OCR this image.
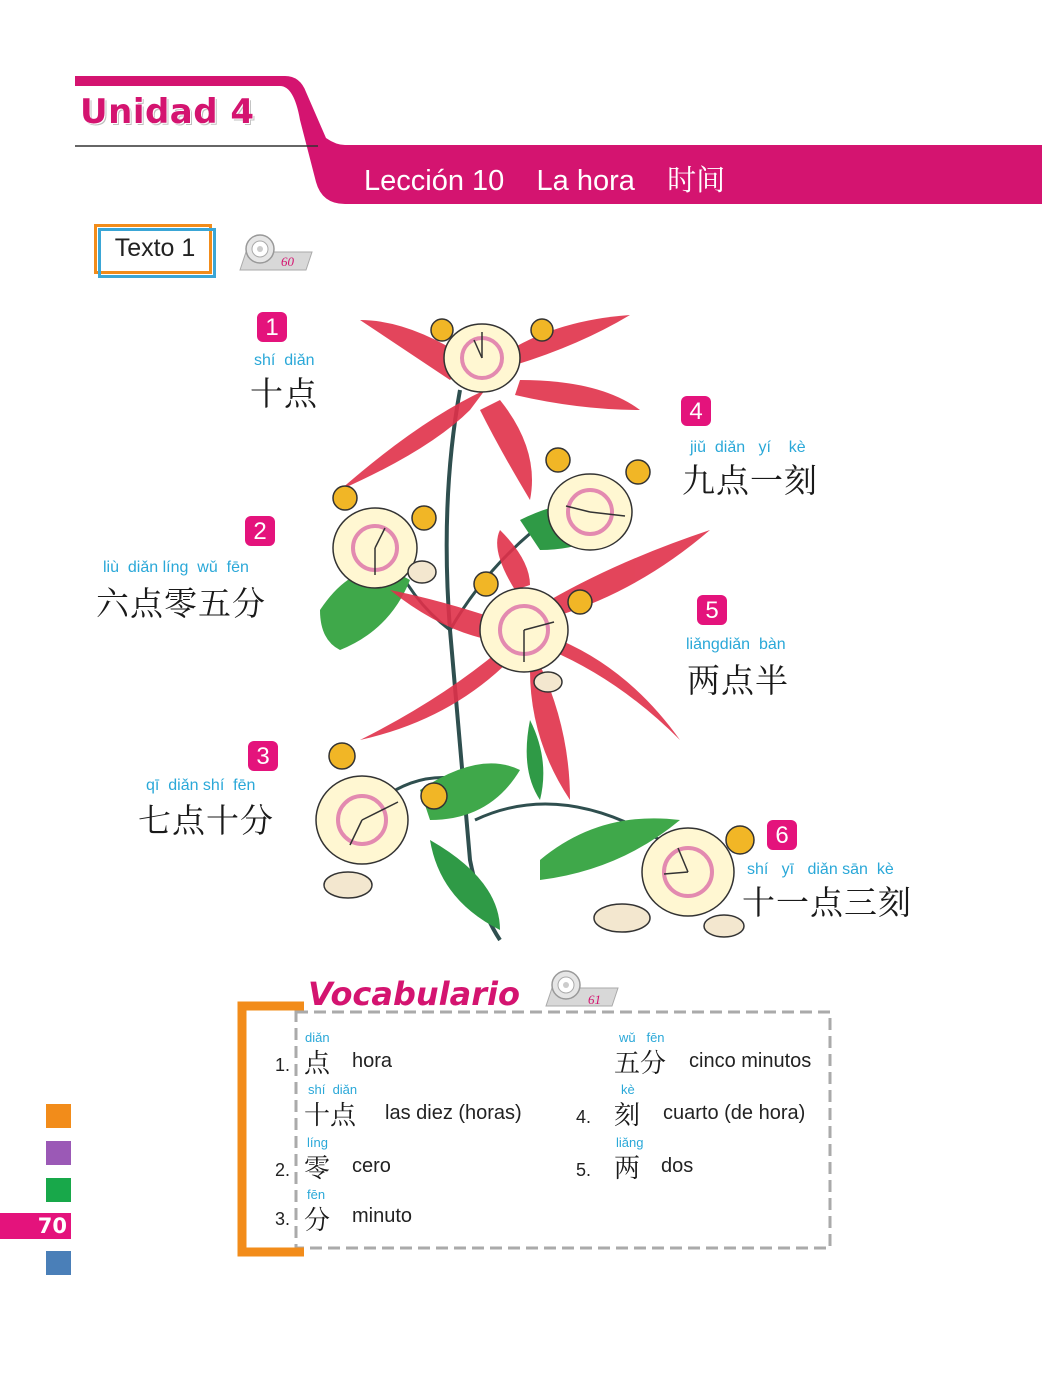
Unidad 4
Lección 10    La hora    时间
Texto 1	60
1
shí  diǎn
十点
2
liù  diǎn líng  wǔ  fēn
六点零五分
3
qī  diǎn shí  fēn
七点十分
4
jiǔ  diǎn   yí    kè
九点一刻
5
liǎngdiǎn  bàn
两点半
6
shí   yī   diǎn sān  kè
十一点三刻
Vocabulario	61
1.
diǎn
点 hora
shí  diǎn
十点 las diez (horas)
2.
líng
零 cero
3.
fēn
分 minuto
wǔ   fēn
五分 cinco minutos
4.
kè
刻 cuarto (de hora)
5.
liǎng
两 dos
70
